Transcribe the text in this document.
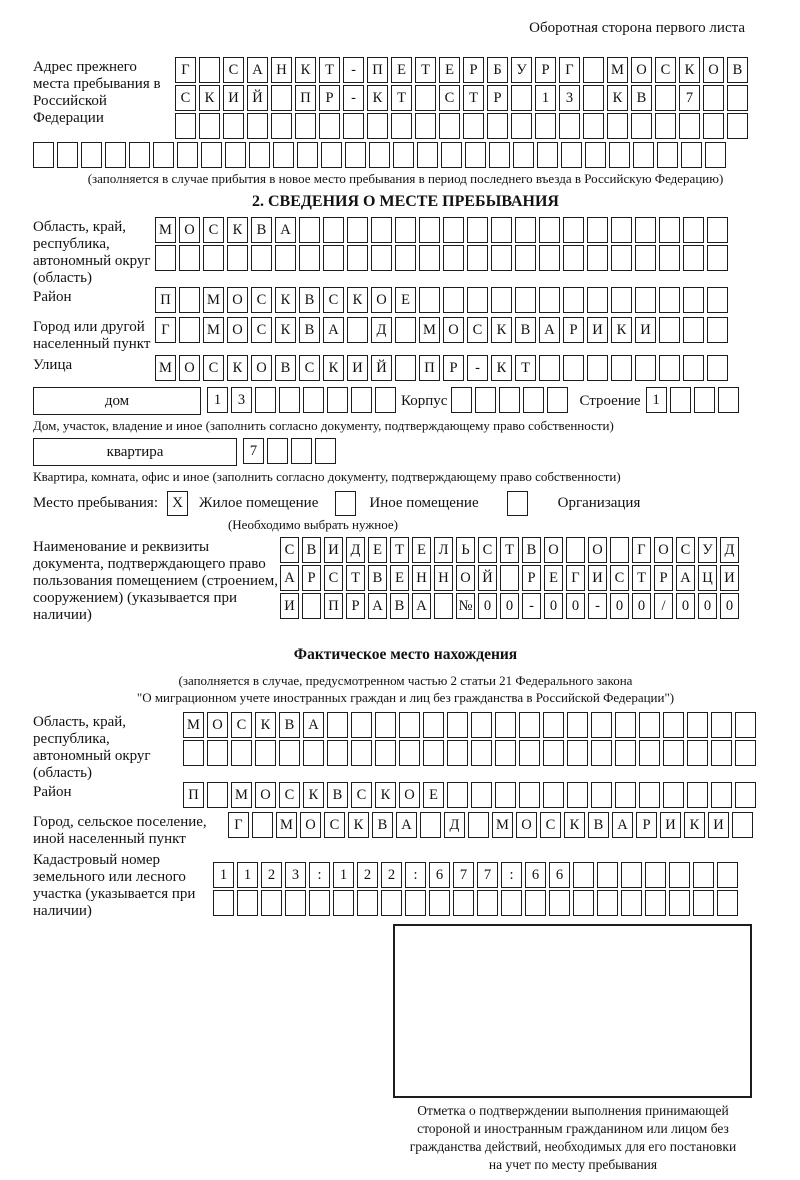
Оборотная сторона первого листа
Адрес прежнего места пребывания в Российской Федерации
Г	С А Н К	Т	-	П Е	Т	Е	Р	Б	У	Р	Г	М О С К О В
С К И Й	П	Р	-	К	Т	С	Т	Р	1	3	К В	7
(заполняется в случае прибытия в новое место пребывания в период последнего въезда в Российскую Федерацию)
2. СВЕДЕНИЯ О МЕСТЕ ПРЕБЫВАНИЯ
Область, край, республика, автономный округ (область)
М О С К В А
Район	П	М О С К В С К О Е
Город или другой населенный пункт
Г	М О С К В А	Д	М О С К В А	Р	И К И
Улица	М О С К О В С К И Й	П	Р	-	К	Т
дом	1	3	Корпус	Строение 1
Дом, участок, владение и иное (заполнить согласно документу, подтверждающему право собственности)
квартира	7
Квартира, комната, офис и иное (заполнить согласно документу, подтверждающему право собственности)
Место пребывания: X	Жилое помещение	Иное помещение	Организация
(Необходимо выбрать нужное)
Наименование и реквизиты документа, подтверждающего право пользования помещением (строением, сооружением) (указывается при наличии)
С В И Д Е Т Е Л Ь С Т В О О	Г О С У Д
А Р С Т В Е Н Н О Й	Р Е Г И С Т Р А Ц И
И П Р А В А № 0	0	-	0	0	-	0	0	/	0	0	0
Фактическое место нахождения
(заполняется в случае, предусмотренном частью 2 статьи 21 Федерального закона
"О миграционном учете иностранных граждан и лиц без гражданства в Российской Федерации")
Область, край, республика, автономный округ (область)
М О С К В А
Район	П	М О С К В С К О Е
Город, сельское поселение, иной населенный пункт
Г	М О С К В А	Д	М О С К В А	Р	И К И
Кадастровый номер земельного или лесного участка (указывается при наличии)
1	1	2	3	:	1	2	2	:	6	7	7	:	6	6
Отметка о подтверждении выполнения принимающей
стороной и иностранным гражданином или лицом без
гражданства действий, необходимых для его постановки
на учет по месту пребывания
